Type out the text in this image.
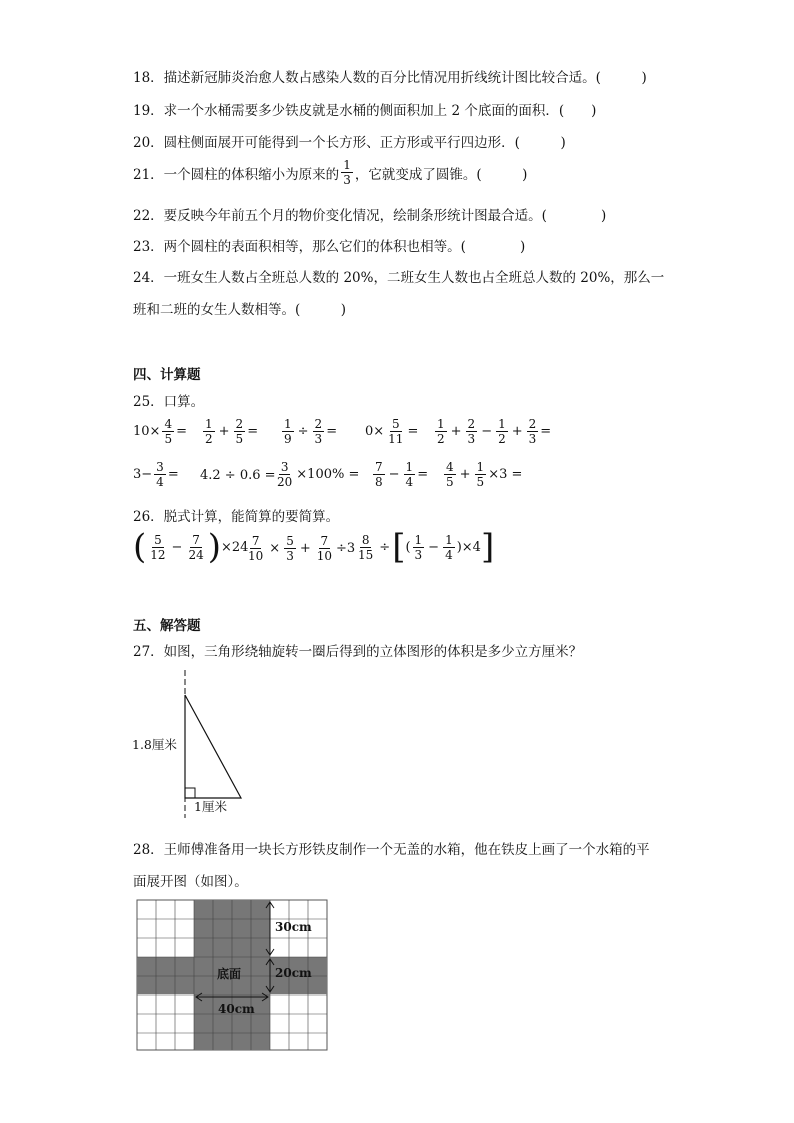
18．描述新冠肺炎治愈人数占感染人数的百分比情况用折线统计图比较合适。(　　　)
19．求一个水桶需要多少铁皮就是水桶的侧面积加上 2 个底面的面积．(　　)
20．圆柱侧面展开可能得到一个长方形、正方形或平行四边形．(　　　)
21．一个圆柱的体积缩小为原来的 $\frac{1}{3}$ ，它就变成了圆锥。(　　　)
22．要反映今年前五个月的物价变化情况，绘制条形统计图最合适。(　　　　)
23．两个圆柱的表面积相等，那么它们的体积也相等。(　　　　)
24．一班女生人数占全班总人数的 20%，二班女生人数也占全班总人数的 20%，那么一
班和二班的女生人数相等。(　　　)
四、计算题
25．口算。
$10\times \frac{4}{5} = \frac{1}{2} + \frac{2}{5} = \frac{1}{9} \div \frac{2}{3} = 0\times \frac{5}{11} = \frac{1}{2} + \frac{2}{3} - \frac{1}{2} + \frac{2}{3}$ =
$3- \frac{3}{4} = 4.2 \div 0.6 = \frac{3}{20} \times 100\% = \frac{7}{8} - \frac{1}{4} = \frac{4}{5} + \frac{1}{5} \times 3$ =
26．脱式计算，能简算的要简算。
( $\frac{5}{12} - \frac{7}{24}$ ) ×24
$\frac{7}{10} \times \frac{5}{3} + \frac{7}{10} \div 3 \frac{8}{15}$ ÷ [ ( $\frac{1}{3} - \frac{1}{4} )\times 4$ ]
五、解答题
27．如图，三角形绕轴旋转一圈后得到的立体图形的体积是多少立方厘米？
1.8厘米
1厘米
28．王师傅准备用一块长方形铁皮制作一个无盖的水箱，他在铁皮上画了一个水箱的平
面展开图（如图）。
30cm
20cm
40cm
底面
